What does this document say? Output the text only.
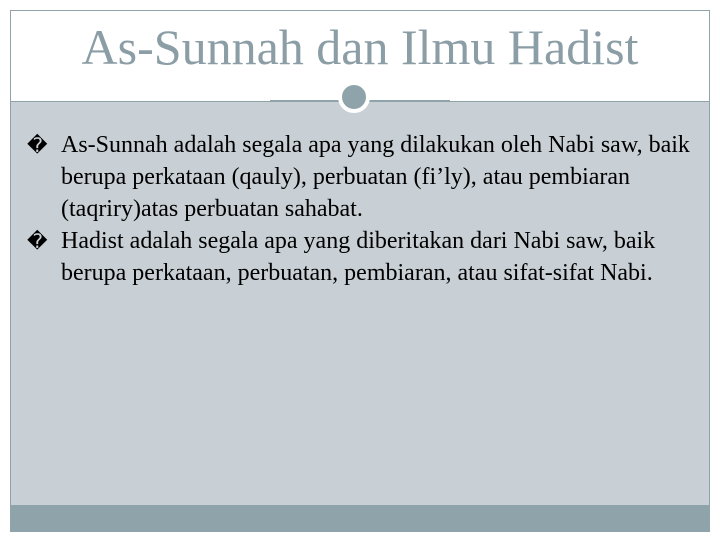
As-Sunnah dan Ilmu Hadist
� As-Sunnah adalah segala apa yang dilakukan oleh Nabi saw, baik berupa perkataan (qauly), perbuatan (fi’ly), atau pembiaran (taqriry)atas perbuatan sahabat.
� Hadist adalah segala apa yang diberitakan dari Nabi saw, baik berupa perkataan, perbuatan, pembiaran, atau sifat-sifat Nabi.
